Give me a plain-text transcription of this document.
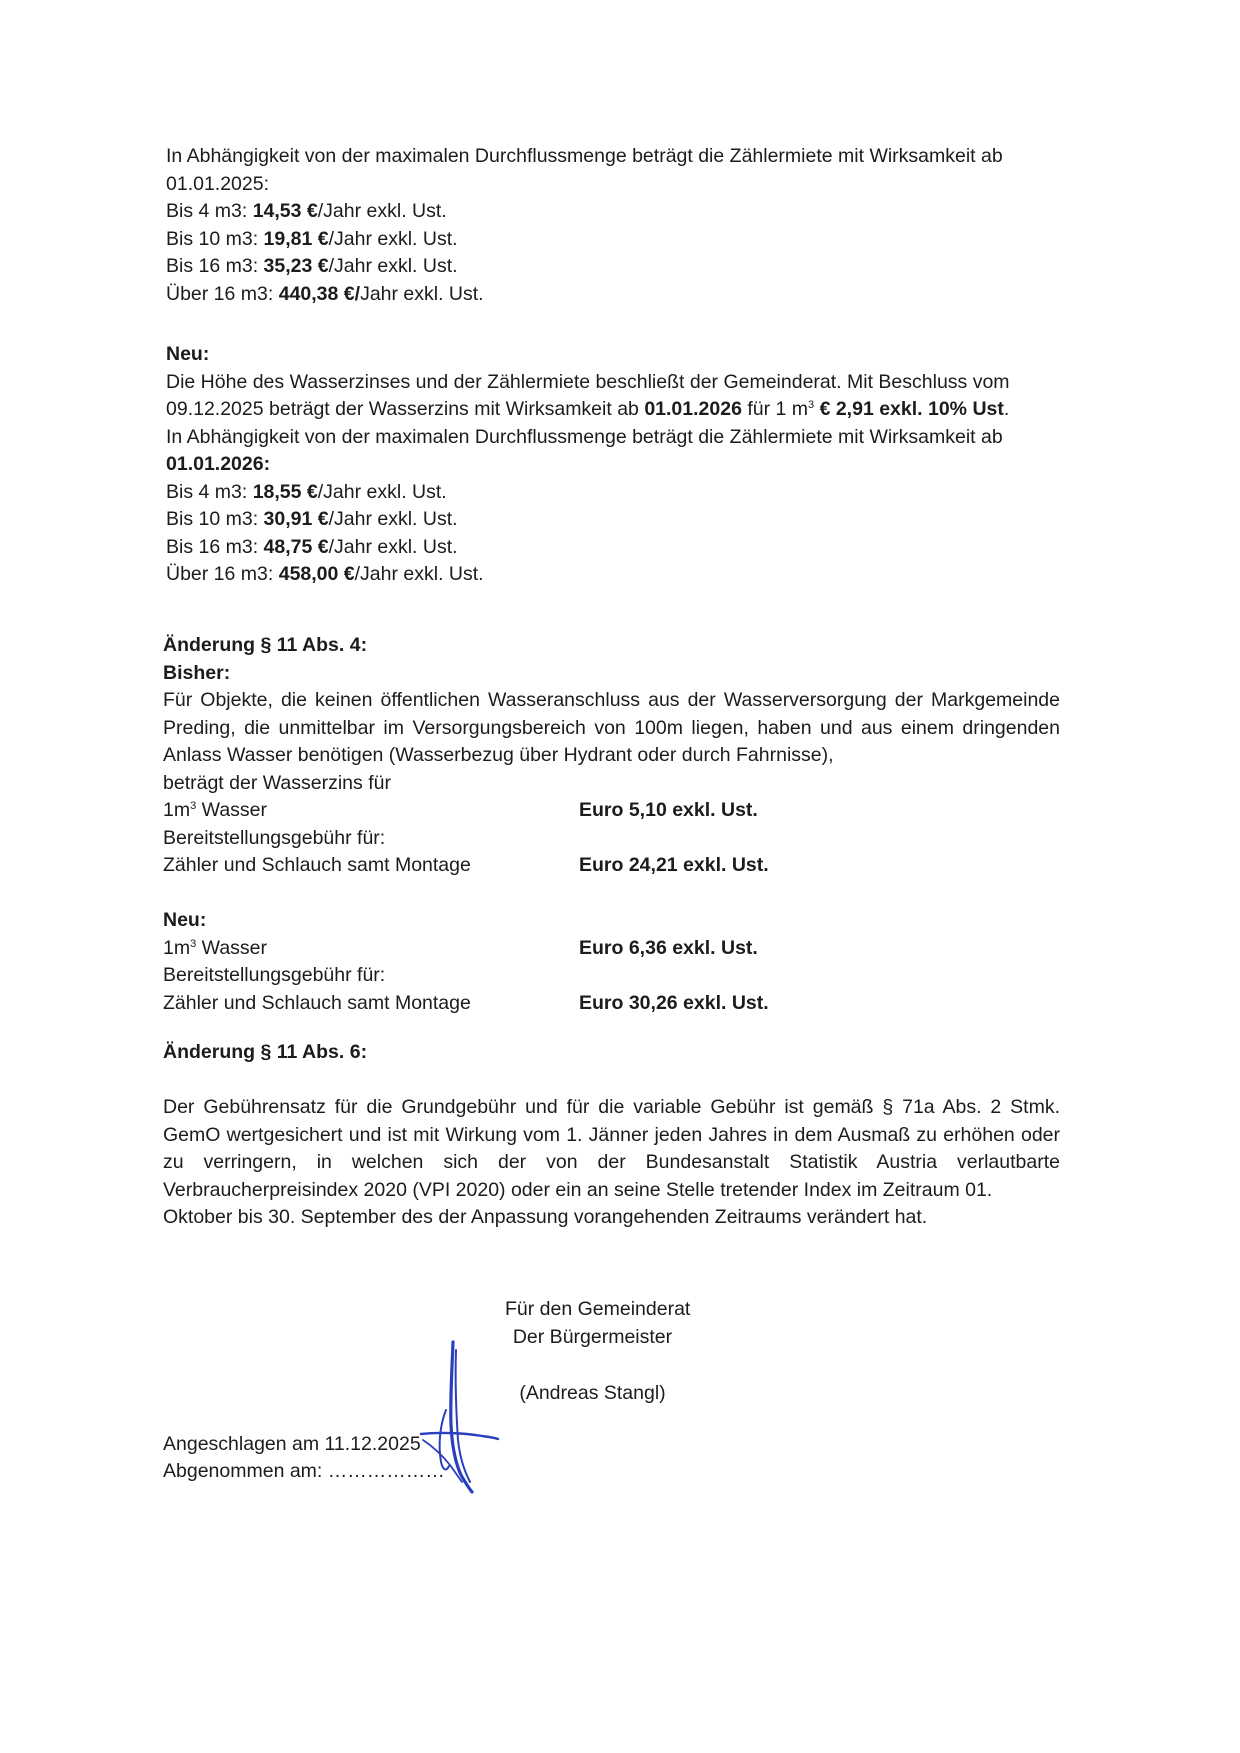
In Abhängigkeit von der maximalen Durchflussmenge beträgt die Zählermiete mit Wirksamkeit ab
01.01.2025:
Bis 4 m3: 14,53 €/Jahr exkl. Ust.
Bis 10 m3: 19,81 €/Jahr exkl. Ust.
Bis 16 m3: 35,23 €/Jahr exkl. Ust.
Über 16 m3: 440,38 €/Jahr exkl. Ust.
Neu:
Die Höhe des Wasserzinses und der Zählermiete beschließt der Gemeinderat. Mit Beschluss vom
09.12.2025 beträgt der Wasserzins mit Wirksamkeit ab 01.01.2026 für 1 $m^3$ € 2,91 exkl. 10% Ust.
In Abhängigkeit von der maximalen Durchflussmenge beträgt die Zählermiete mit Wirksamkeit ab
01.01.2026:
Bis 4 m3: 18,55 €/Jahr exkl. Ust.
Bis 10 m3: 30,91 €/Jahr exkl. Ust.
Bis 16 m3: 48,75 €/Jahr exkl. Ust.
Über 16 m3: 458,00 €/Jahr exkl. Ust.
Änderung § 11 Abs. 4:
Bisher:
Für Objekte, die keinen öffentlichen Wasseranschluss aus der Wasserversorgung der Markgemeinde Preding, die unmittelbar im Versorgungsbereich von 100m liegen, haben und aus einem dringenden Anlass Wasser benötigen (Wasserbezug über Hydrant oder durch Fahrnisse),
beträgt der Wasserzins für
$1m^3$ Wasser	Euro 5,10 exkl. Ust.
Bereitstellungsgebühr für:
Zähler und Schlauch samt Montage	Euro 24,21 exkl. Ust.
Neu:
$1m^3$ Wasser	Euro 6,36 exkl. Ust.
Bereitstellungsgebühr für:
Zähler und Schlauch samt Montage	Euro 30,26 exkl. Ust.
Änderung § 11 Abs. 6:
Der Gebührensatz für die Grundgebühr und für die variable Gebühr ist gemäß § 71a Abs. 2 Stmk. GemO wertgesichert und ist mit Wirkung vom 1. Jänner jeden Jahres in dem Ausmaß zu erhöhen oder zu verringern, in welchen sich der von der Bundesanstalt Statistik Austria verlautbarte Verbraucherpreisindex 2020 (VPI 2020) oder ein an seine Stelle tretender Index im Zeitraum 01.
Oktober bis 30. September des der Anpassung vorangehenden Zeitraums verändert hat.
Für den Gemeinderat
Der Bürgermeister
(Andreas Stangl)
Angeschlagen am 11.12.2025
Abgenommen am: ………………
